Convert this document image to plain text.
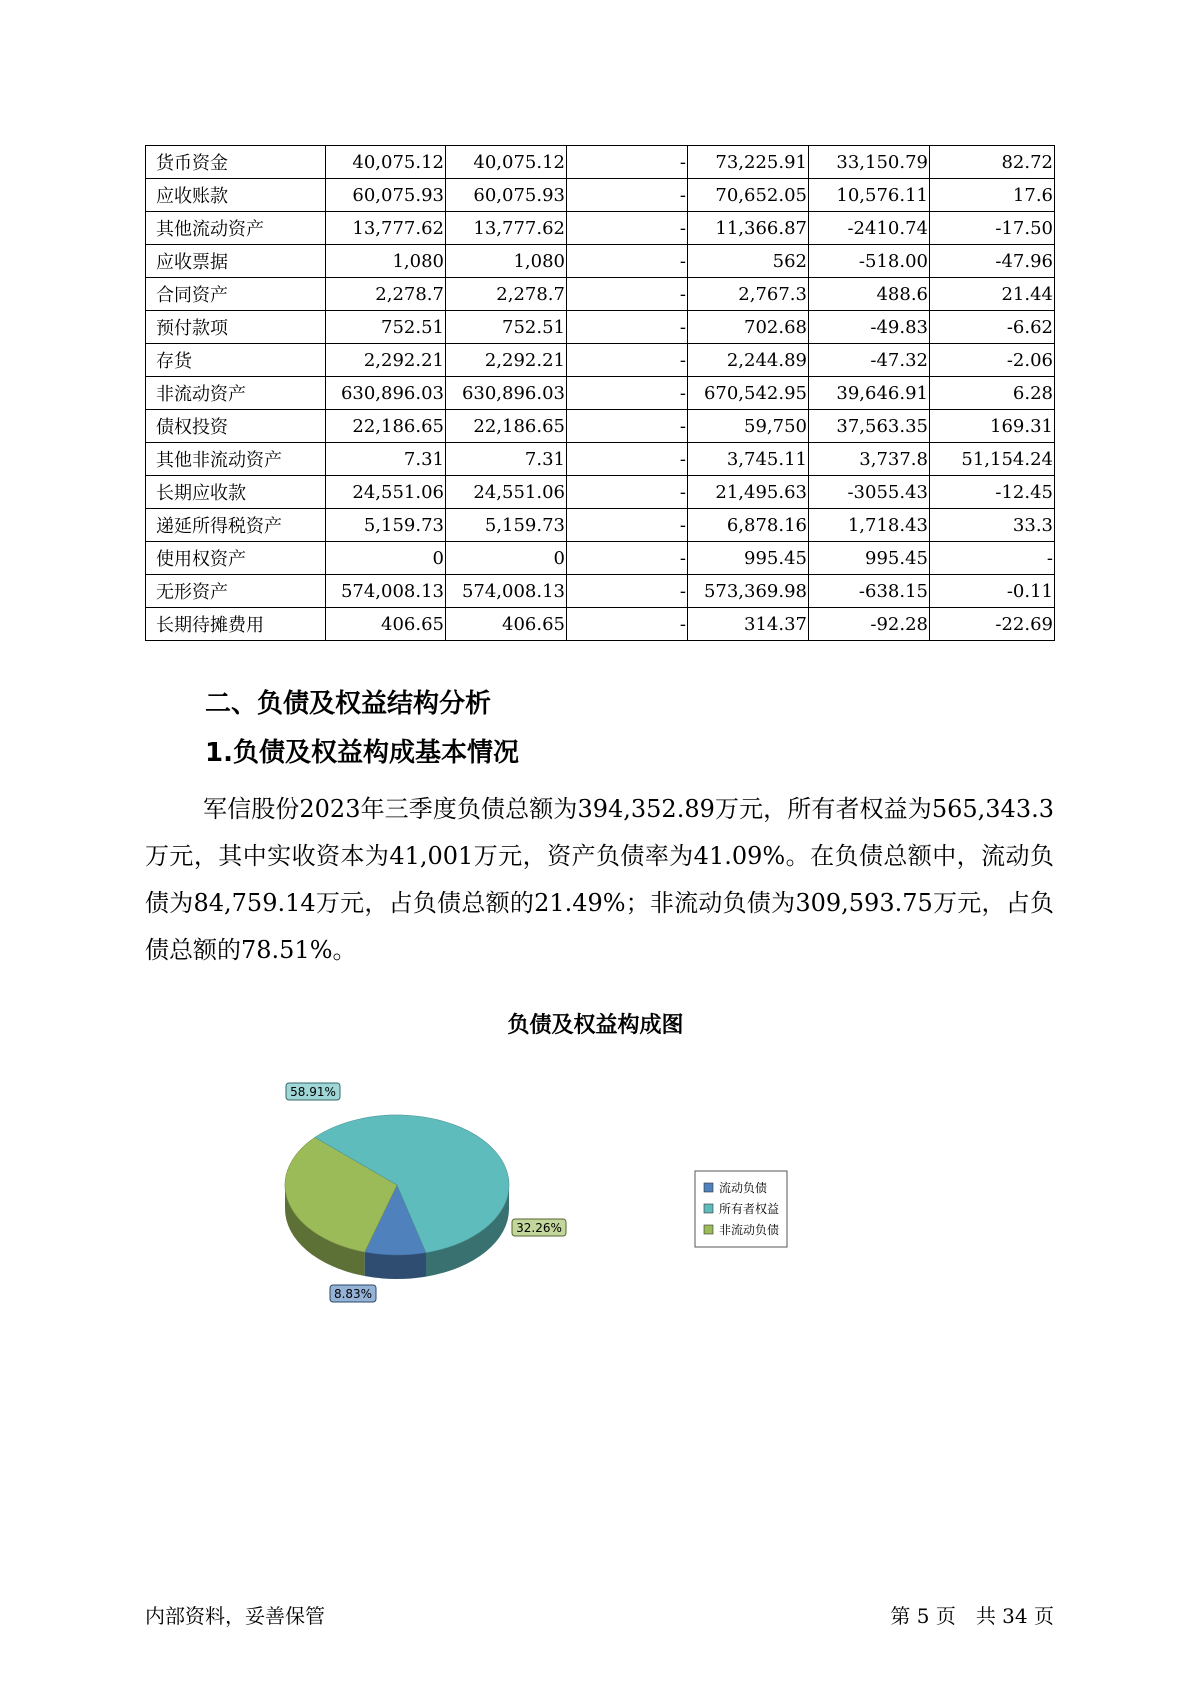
货币资金	40,075.12	40,075.12	-	73,225.91	33,150.79	82.72
应收账款	60,075.93	60,075.93	-	70,652.05	10,576.11	17.6
其他流动资产	13,777.62	13,777.62	-	11,366.87	-2410.74	-17.50
应收票据	1,080	1,080	-	562	-518.00	-47.96
合同资产	2,278.7	2,278.7	-	2,767.3	488.6	21.44
预付款项	752.51	752.51	-	702.68	-49.83	-6.62
存货	2,292.21	2,292.21	-	2,244.89	-47.32	-2.06
非流动资产	630,896.03	630,896.03	-	670,542.95	39,646.91	6.28
债权投资	22,186.65	22,186.65	-	59,750	37,563.35	169.31
其他非流动资产	7.31	7.31	-	3,745.11	3,737.8	51,154.24
长期应收款	24,551.06	24,551.06	-	21,495.63	-3055.43	-12.45
递延所得税资产	5,159.73	5,159.73	-	6,878.16	1,718.43	33.3
使用权资产	0	0	-	995.45	995.45	-
无形资产	574,008.13	574,008.13	-	573,369.98	-638.15	-0.11
长期待摊费用	406.65	406.65	-	314.37	-92.28	-22.69
二、负债及权益结构分析
1.负债及权益构成基本情况

军信股份2023年三季度负债总额为394,352.89万元，所有者权益为565,343.3万元，其中实收资本为41,001万元，资产负债率为41.09%。在负债总额中，流动负债为84,759.14万元，占负债总额的21.49%；非流动负债为309,593.75万元，占负债总额的78.51%。

负债及权益构成图
8.83%
32.26%
58.91%
流动负债
所有者权益
非流动负债
内部资料，妥善保管	第 5 页　共 34 页
